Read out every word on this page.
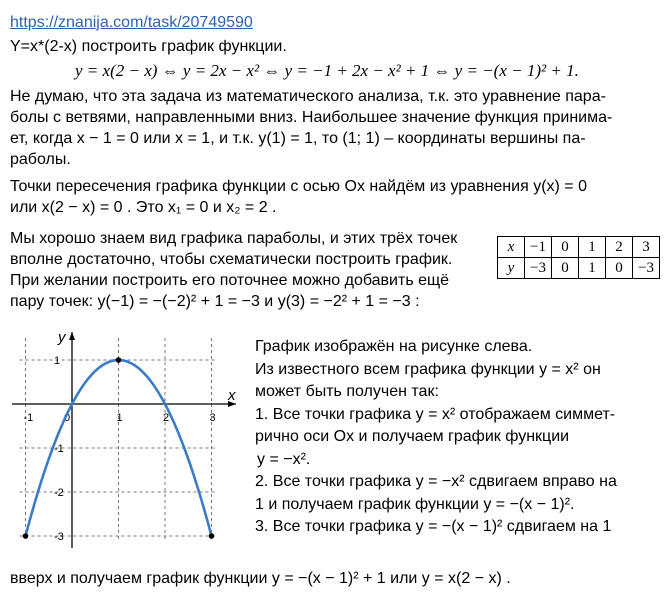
https://znanija.com/task/20749590
Y=x*(2-x) построить график функции.
y = x(2 − x) ⇔ y = 2x − x² ⇔ y = −1 + 2x − x² + 1 ⇔ y = −(x − 1)² + 1.
Не думаю, что эта задача из математического анализа, т.к. это уравнение пара-
болы с ветвями, направленными вниз. Наибольшее значение функция принима-
ет, когда x − 1 = 0 или x = 1, и т.к. y(1) = 1, то (1; 1) – координаты вершины па-
раболы.
Точки пересечения графика функции с осью Ox найдём из уравнения y(x) = 0
или x(2 − x) = 0 . Это x₁ = 0 и x₂ = 2 .
Мы хорошо знаем вид графика параболы, и этих трёх точек
вполне достаточно, чтобы схематически построить график.
При желании построить его поточнее можно добавить ещё
пару точек: y(−1) = −(−2)² + 1 = −3 и y(3) = −2² + 1 = −3 :
x	−1	0	1	2	3
y	−3	0	1	0	−3
x
y
-1	0	1	2	3
1
-1
-2
-3
График изображён на рисунке слева.
Из известного всем графика функции y = x² он
может быть получен так:
1. Все точки графика y = x² отображаем симмет-
рично оси Ox и получаем график функции
y = −x².
2. Все точки графика y = −x² сдвигаем вправо на
1 и получаем график функции y = −(x − 1)².
3. Все точки графика y = −(x − 1)² сдвигаем на 1
вверх и получаем график функции y = −(x − 1)² + 1 или y = x(2 − x) .
